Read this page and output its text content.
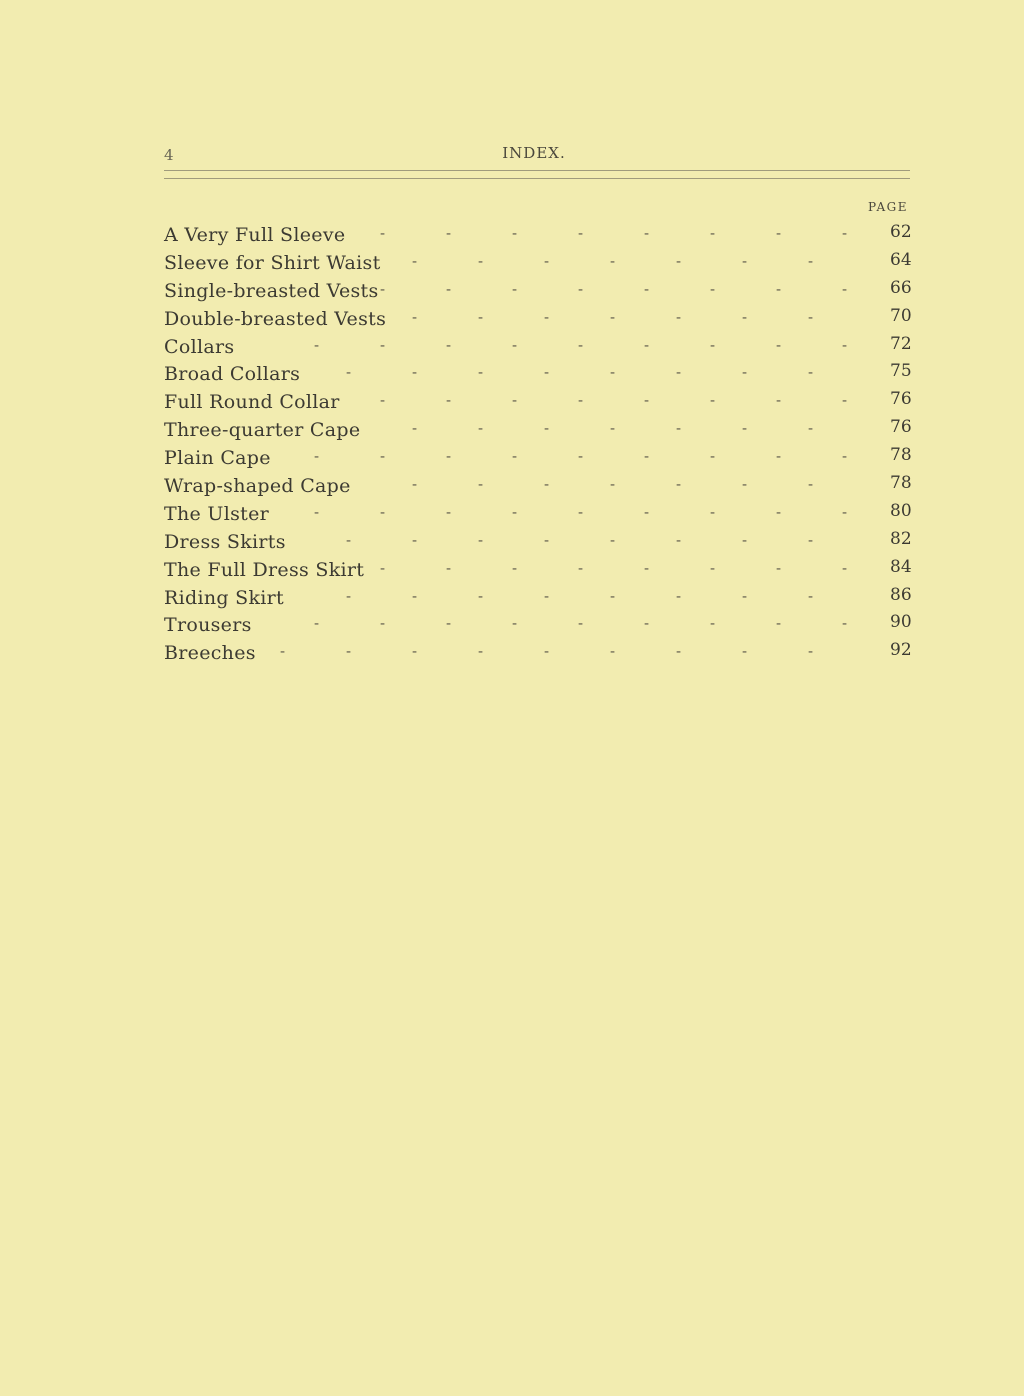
4	INDEX.
PAGE
A Very Full Sleeve -	-	-	-	-	-	-	-	62
Sleeve for Shirt Waist -	-	-	-	-	-	-	64
Single-breasted Vests -	-	-	-	-	-	-	-	66
Double-breasted Vests -	-	-	-	-	-	-	70
Collars	-	-	-	-	-	-	-	-	-	72
Broad Collars	-	-	-	-	-	-	-	-	75
Full Round Collar	-	-	-	-	-	-	-	-	76
Three-quarter Cape	-	-	-	-	-	-	-	76
Plain Cape	-	-	-	-	-	-	-	-	-	78
Wrap-shaped Cape	-	-	-	-	-	-	-	78
The Ulster	-	-	-	-	-	-	-	-	-	80
Dress Skirts	-	-	-	-	-	-	-	-	82
The Full Dress Skirt -	-	-	-	-	-	-	-	84
Riding Skirt	-	-	-	-	-	-	-	-	86
Trousers	-	-	-	-	-	-	-	-	-	90
Breeches -	-	-	-	-	-	-	-	-	92
